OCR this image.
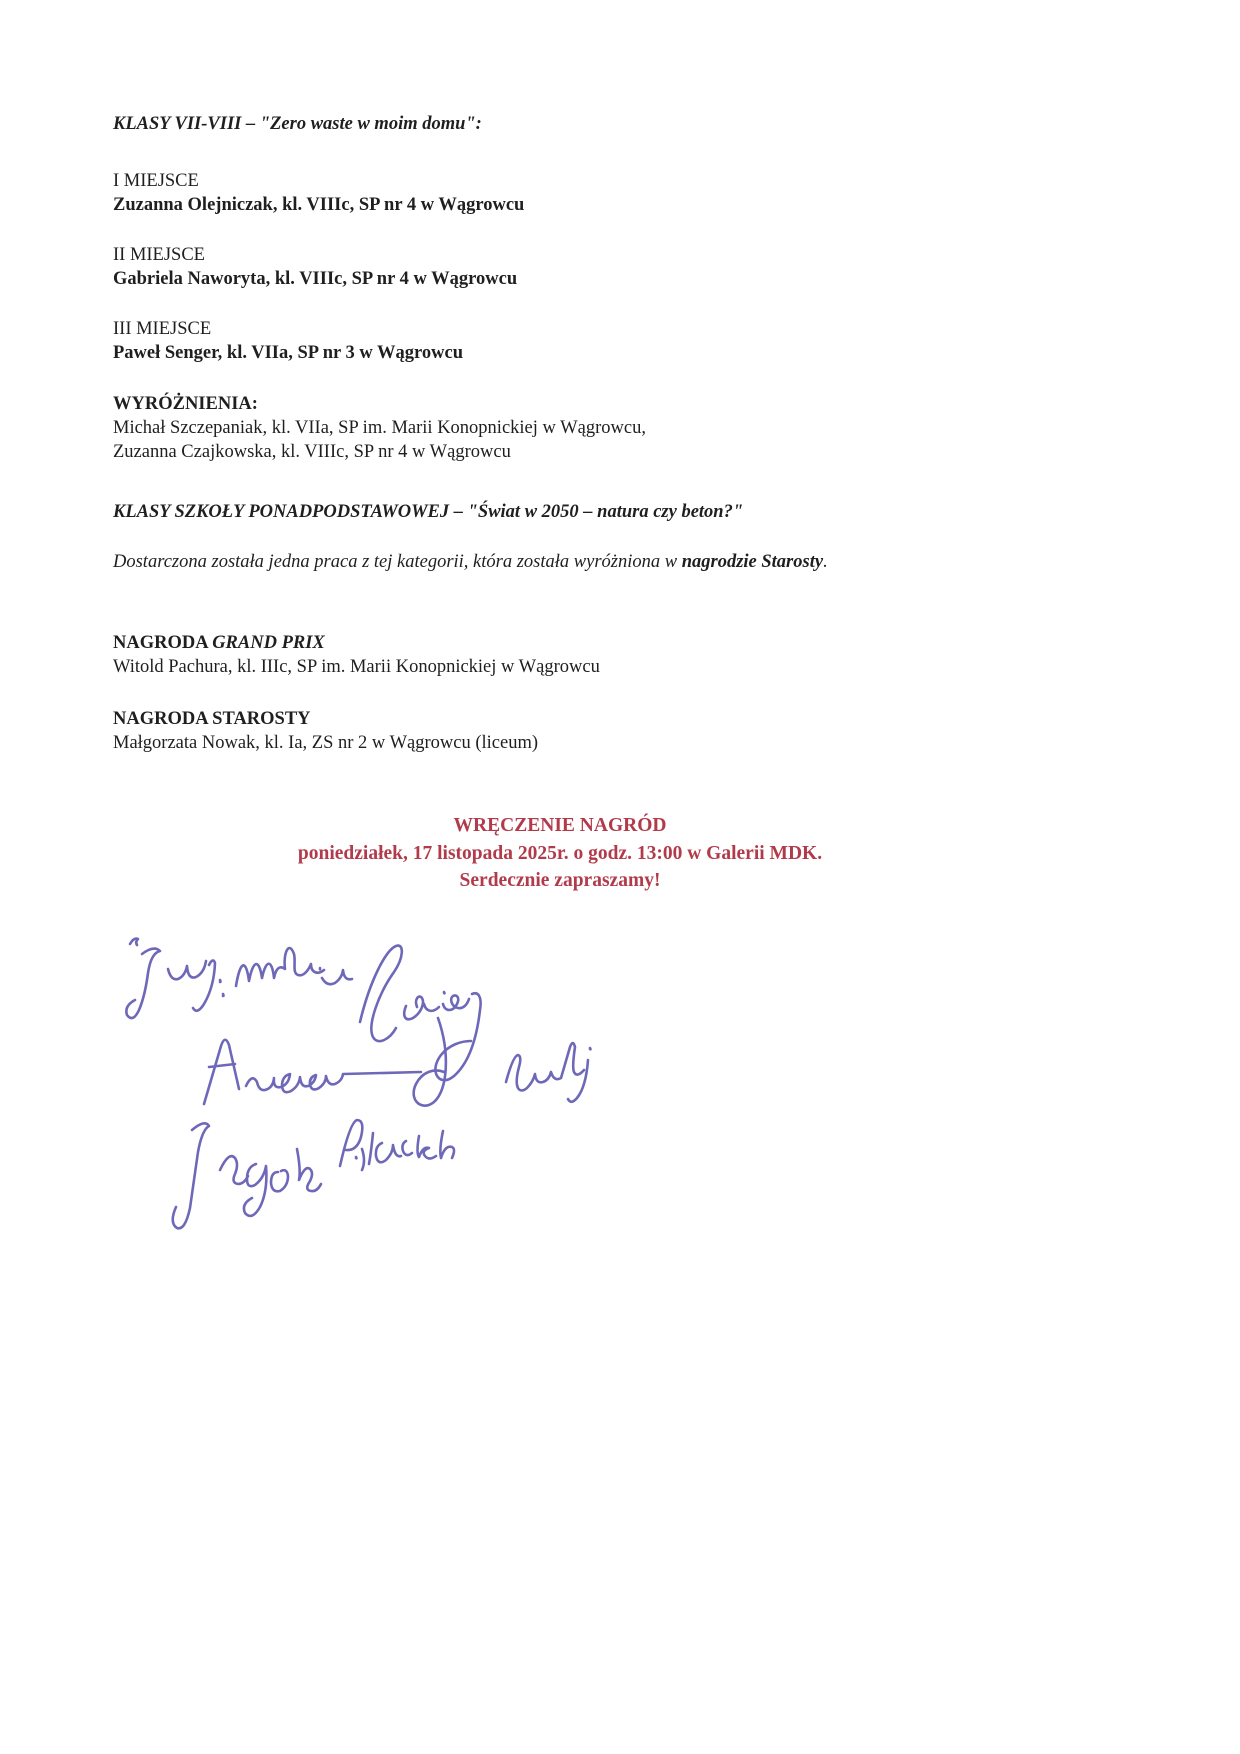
KLASY VII-VIII – "Zero waste w moim domu":

I MIEJSCE

Zuzanna Olejniczak, kl. VIIIc, SP nr 4 w Wągrowcu

II MIEJSCE

Gabriela Naworyta, kl. VIIIc, SP nr 4 w Wągrowcu

III MIEJSCE

Paweł Senger, kl. VIIa, SP nr 3 w Wągrowcu

WYRÓŻNIENIA:

Michał Szczepaniak, kl. VIIa, SP im. Marii Konopnickiej w Wągrowcu,

Zuzanna Czajkowska, kl. VIIIc, SP nr 4 w Wągrowcu

KLASY SZKOŁY PONADPODSTAWOWEJ – "Świat w 2050 – natura czy beton?"

Dostarczona została jedna praca z tej kategorii, która została wyróżniona w nagrodzie Starosty.

NAGRODA GRAND PRIX

Witold Pachura, kl. IIIc, SP im. Marii Konopnickiej w Wągrowcu

NAGRODA STAROSTY

Małgorzata Nowak, kl. Ia, ZS nr 2 w Wągrowcu (liceum)

WRĘCZENIE NAGRÓD

poniedziałek, 17 listopada 2025r. o godz. 13:00 w Galerii MDK.

Serdecznie zapraszamy!
